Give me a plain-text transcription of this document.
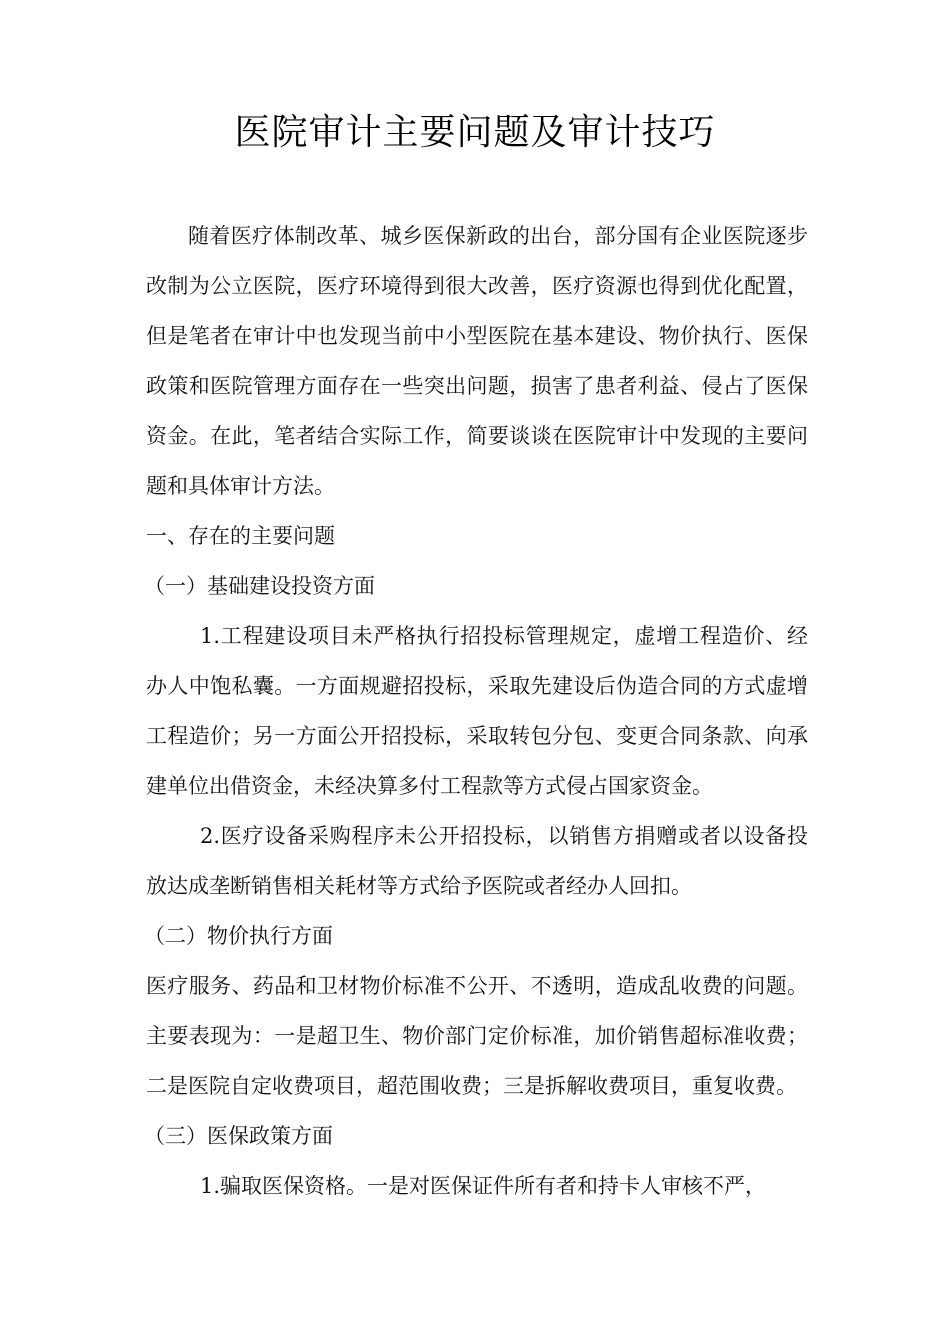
医院审计主要问题及审计技巧

随着医疗体制改革、城乡医保新政的出台，部分国有企业医院逐步改制为公立医院，医疗环境得到很大改善，医疗资源也得到优化配置，但是笔者在审计中也发现当前中小型医院在基本建设、物价执行、医保政策和医院管理方面存在一些突出问题，损害了患者利益、侵占了医保资金。在此，笔者结合实际工作，简要谈谈在医院审计中发现的主要问题和具体审计方法。

一、存在的主要问题

（一）基础建设投资方面

1.工程建设项目未严格执行招投标管理规定，虚增工程造价、经办人中饱私囊。一方面规避招投标，采取先建设后伪造合同的方式虚增工程造价；另一方面公开招投标，采取转包分包、变更合同条款、向承建单位出借资金，未经决算多付工程款等方式侵占国家资金。

2.医疗设备采购程序未公开招投标，以销售方捐赠或者以设备投放达成垄断销售相关耗材等方式给予医院或者经办人回扣。

（二）物价执行方面

医疗服务、药品和卫材物价标准不公开、不透明，造成乱收费的问题。主要表现为：一是超卫生、物价部门定价标准，加价销售超标准收费；二是医院自定收费项目，超范围收费；三是拆解收费项目，重复收费。

（三）医保政策方面

1.骗取医保资格。一是对医保证件所有者和持卡人审核不严，
